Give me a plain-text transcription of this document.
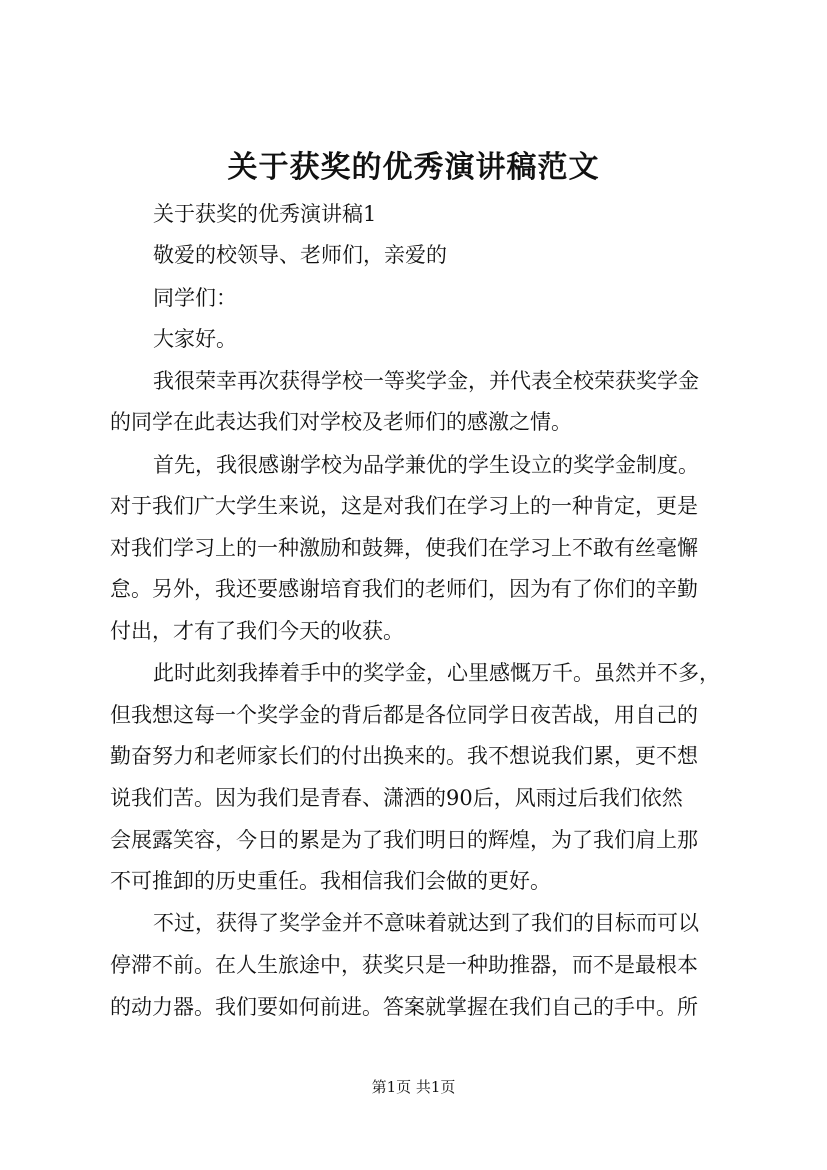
关于获奖的优秀演讲稿范文

关于获奖的优秀演讲稿1

敬爱的校领导、老师们，亲爱的

同学们：

大家好。

我很荣幸再次获得学校一等奖学金，并代表全校荣获奖学金

的同学在此表达我们对学校及老师们的感激之情。

首先，我很感谢学校为品学兼优的学生设立的奖学金制度。

对于我们广大学生来说，这是对我们在学习上的一种肯定，更是

对我们学习上的一种激励和鼓舞，使我们在学习上不敢有丝毫懈

怠。另外，我还要感谢培育我们的老师们，因为有了你们的辛勤

付出，才有了我们今天的收获。

此时此刻我捧着手中的奖学金，心里感慨万千。虽然并不多，

但我想这每一个奖学金的背后都是各位同学日夜苦战，用自己的

勤奋努力和老师家长们的付出换来的。我不想说我们累，更不想

说我们苦。因为我们是青春、潇洒的90后，风雨过后我们依然

会展露笑容，今日的累是为了我们明日的辉煌，为了我们肩上那

不可推卸的历史重任。我相信我们会做的更好。

不过，获得了奖学金并不意味着就达到了我们的目标而可以

停滞不前。在人生旅途中，获奖只是一种助推器，而不是最根本

的动力器。我们要如何前进。答案就掌握在我们自己的手中。所

第1页 共1页
